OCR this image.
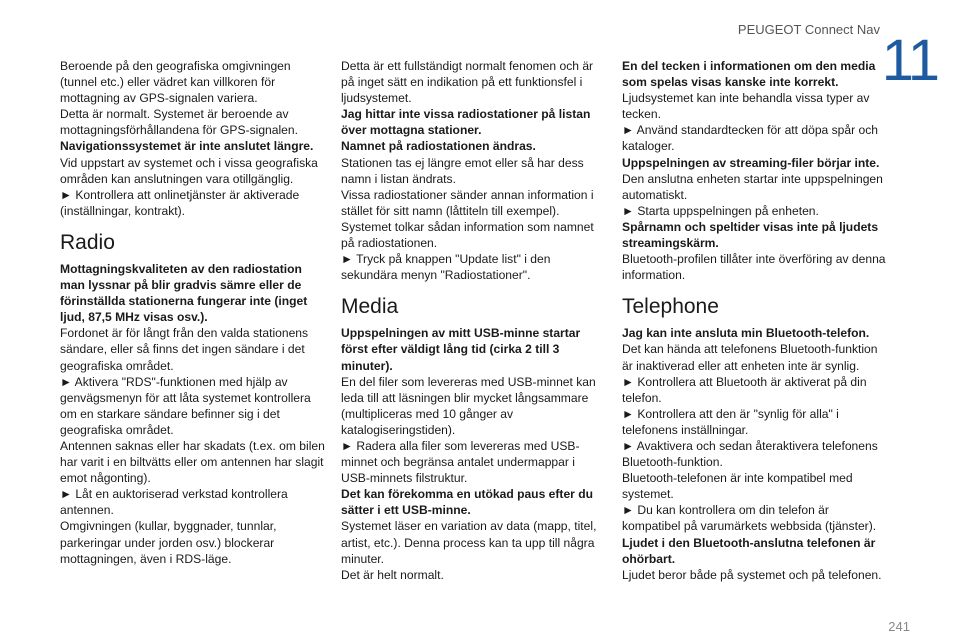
PEUGEOT Connect Nav 11

Beroende på den geografiska omgivningen (tunnel etc.) eller vädret kan villkoren för mottagning av GPS-signalen variera.

Detta är normalt. Systemet är beroende av mottagningsförhållandena för GPS-signalen.

Navigationssystemet är inte anslutet längre.

Vid uppstart av systemet och i vissa geografiska områden kan anslutningen vara otillgänglig.

► Kontrollera att onlinetjänster är aktiverade (inställningar, kontrakt).

Radio

Mottagningskvaliteten av den radiostation man lyssnar på blir gradvis sämre eller de förinställda stationerna fungerar inte (inget ljud, 87,5 MHz visas osv.).

Fordonet är för långt från den valda stationens sändare, eller så finns det ingen sändare i det geografiska området.

► Aktivera "RDS"-funktionen med hjälp av genvägsmenyn för att låta systemet kontrollera om en starkare sändare befinner sig i det geografiska området.

Antennen saknas eller har skadats (t.ex. om bilen har varit i en biltvätts eller om antennen har slagit emot någonting).

► Låt en auktoriserad verkstad kontrollera antennen.

Omgivningen (kullar, byggnader, tunnlar, parkeringar under jorden osv.) blockerar mottagningen, även i RDS-läge.

Detta är ett fullständigt normalt fenomen och är på inget sätt en indikation på ett funktionsfel i ljudsystemet.

Jag hittar inte vissa radiostationer på listan över mottagna stationer.

Namnet på radiostationen ändras.

Stationen tas ej längre emot eller så har dess namn i listan ändrats.

Vissa radiostationer sänder annan information i stället för sitt namn (låttiteln till exempel). Systemet tolkar sådan information som namnet på radiostationen.

► Tryck på knappen "Update list" i den sekundära menyn "Radiostationer".

Media

Uppspelningen av mitt USB-minne startar först efter väldigt lång tid (cirka 2 till 3 minuter).

En del filer som levereras med USB-minnet kan leda till att läsningen blir mycket långsammare (multipliceras med 10 gånger av katalogiseringstiden).

► Radera alla filer som levereras med USB-minnet och begränsa antalet undermappar i USB-minnets filstruktur.

Det kan förekomma en utökad paus efter du sätter i ett USB-minne.

Systemet läser en variation av data (mapp, titel, artist, etc.). Denna process kan ta upp till några minuter.

Det är helt normalt.

En del tecken i informationen om den media som spelas visas kanske inte korrekt.

Ljudsystemet kan inte behandla vissa typer av tecken.

► Använd standardtecken för att döpa spår och kataloger.

Uppspelningen av streaming-filer börjar inte.

Den anslutna enheten startar inte uppspelningen automatiskt.

► Starta uppspelningen på enheten.

Spårnamn och speltider visas inte på ljudets streamingskärm.

Bluetooth-profilen tillåter inte överföring av denna information.

Telephone

Jag kan inte ansluta min Bluetooth-telefon.

Det kan hända att telefonens Bluetooth-funktion är inaktiverad eller att enheten inte är synlig.

► Kontrollera att Bluetooth är aktiverat på din telefon.

► Kontrollera att den är "synlig för alla" i telefonens inställningar.

► Avaktivera och sedan återaktivera telefonens Bluetooth-funktion.

Bluetooth-telefonen är inte kompatibel med systemet.

► Du kan kontrollera om din telefon är kompatibel på varumärkets webbsida (tjänster).

Ljudet i den Bluetooth-anslutna telefonen är ohörbart.

Ljudet beror både på systemet och på telefonen.

241
